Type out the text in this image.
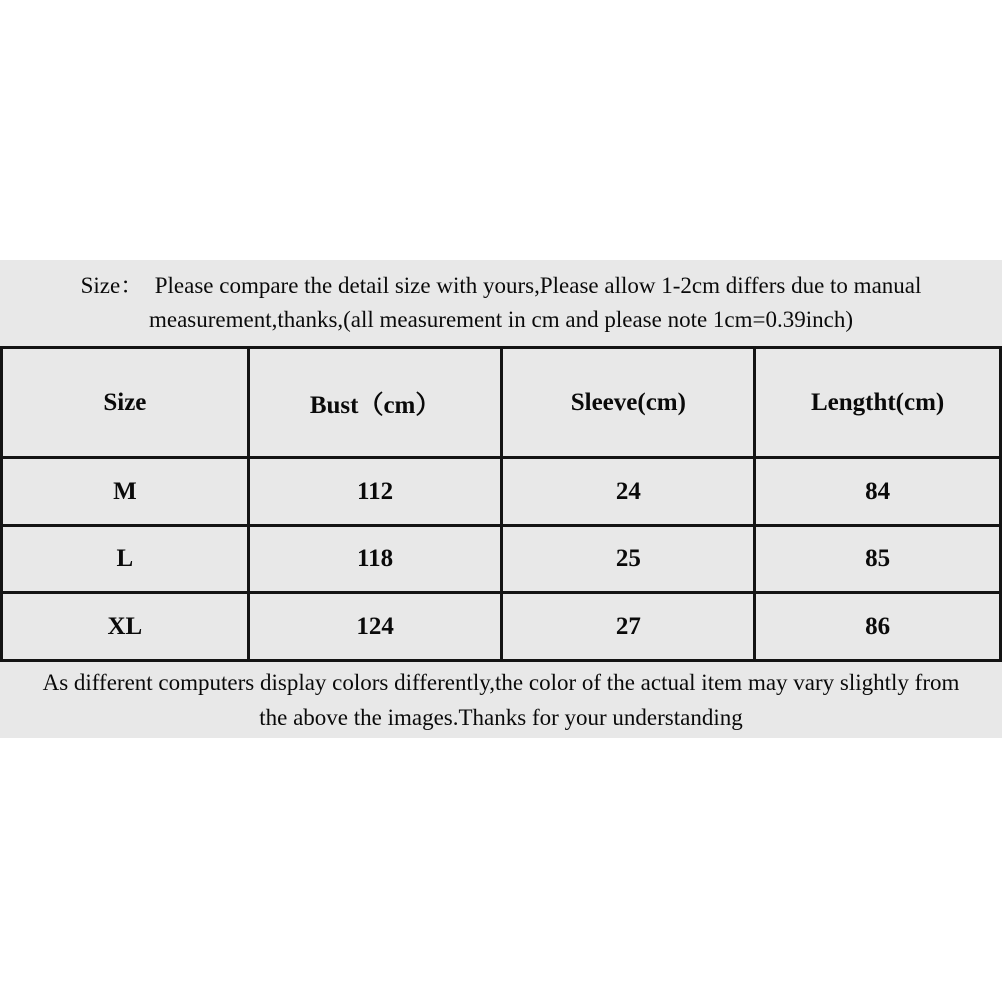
Size：  Please compare the detail size with yours,Please allow 1-2cm differs due to manual
measurement,thanks,(all measurement in cm and please note 1cm=0.39inch)
Size	Bust（cm）	Sleeve(cm)	Lengtht(cm)
M	112	24	84
L	118	25	85
XL	124	27	86
As different computers display colors differently,the color of the actual item may vary slightly from
the above the images.Thanks for your understanding
